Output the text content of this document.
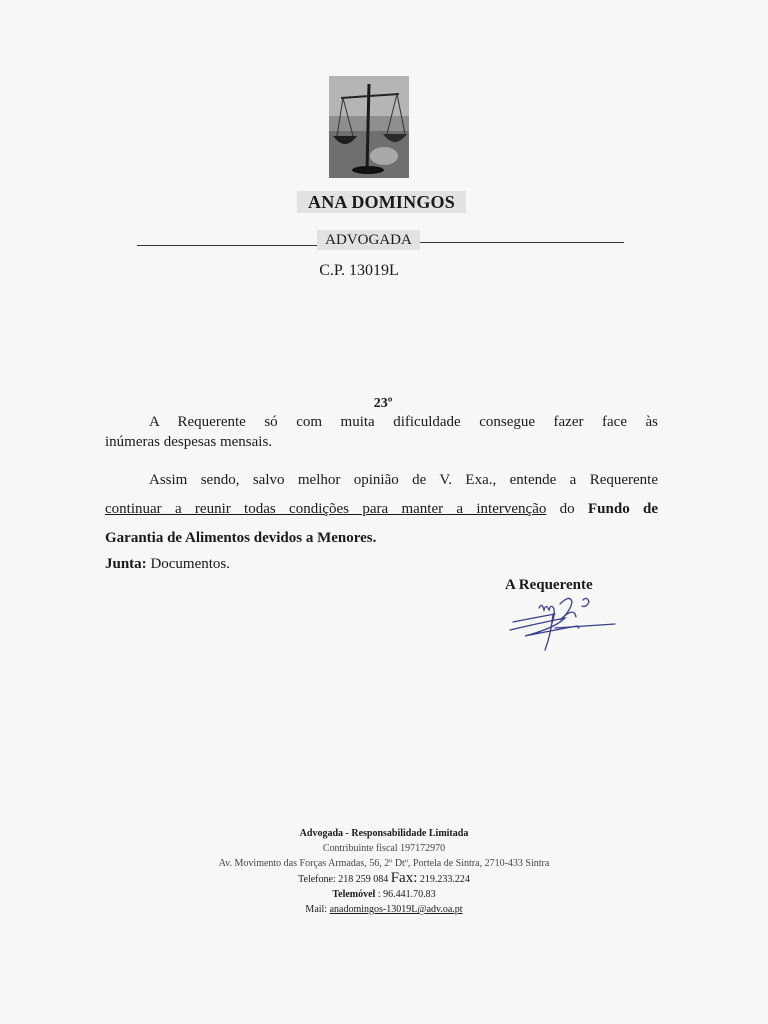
ANA DOMINGOS
ADVOGADA
C.P. 13019L
23º
A Requerente só com muita dificuldade consegue fazer face às
inúmeras despesas mensais.
Assim sendo, salvo melhor opinião de V. Exa., entende a Requerente
continuar a reunir todas condições para manter a intervenção do Fundo de
Garantia de Alimentos devidos a Menores.
Junta: Documentos.
A Requerente
Advogada - Responsabilidade Limitada
Contribuinte fiscal 197172970
Av. Movimento das Forças Armadas, 56, 2º Dtº, Portela de Sintra, 2710-433 Sintra
Telefone: 218 259 084 Fax: 219.233.224
Telemóvel : 96.441.70.83
Mail: anadomingos-13019L@adv.oa.pt
